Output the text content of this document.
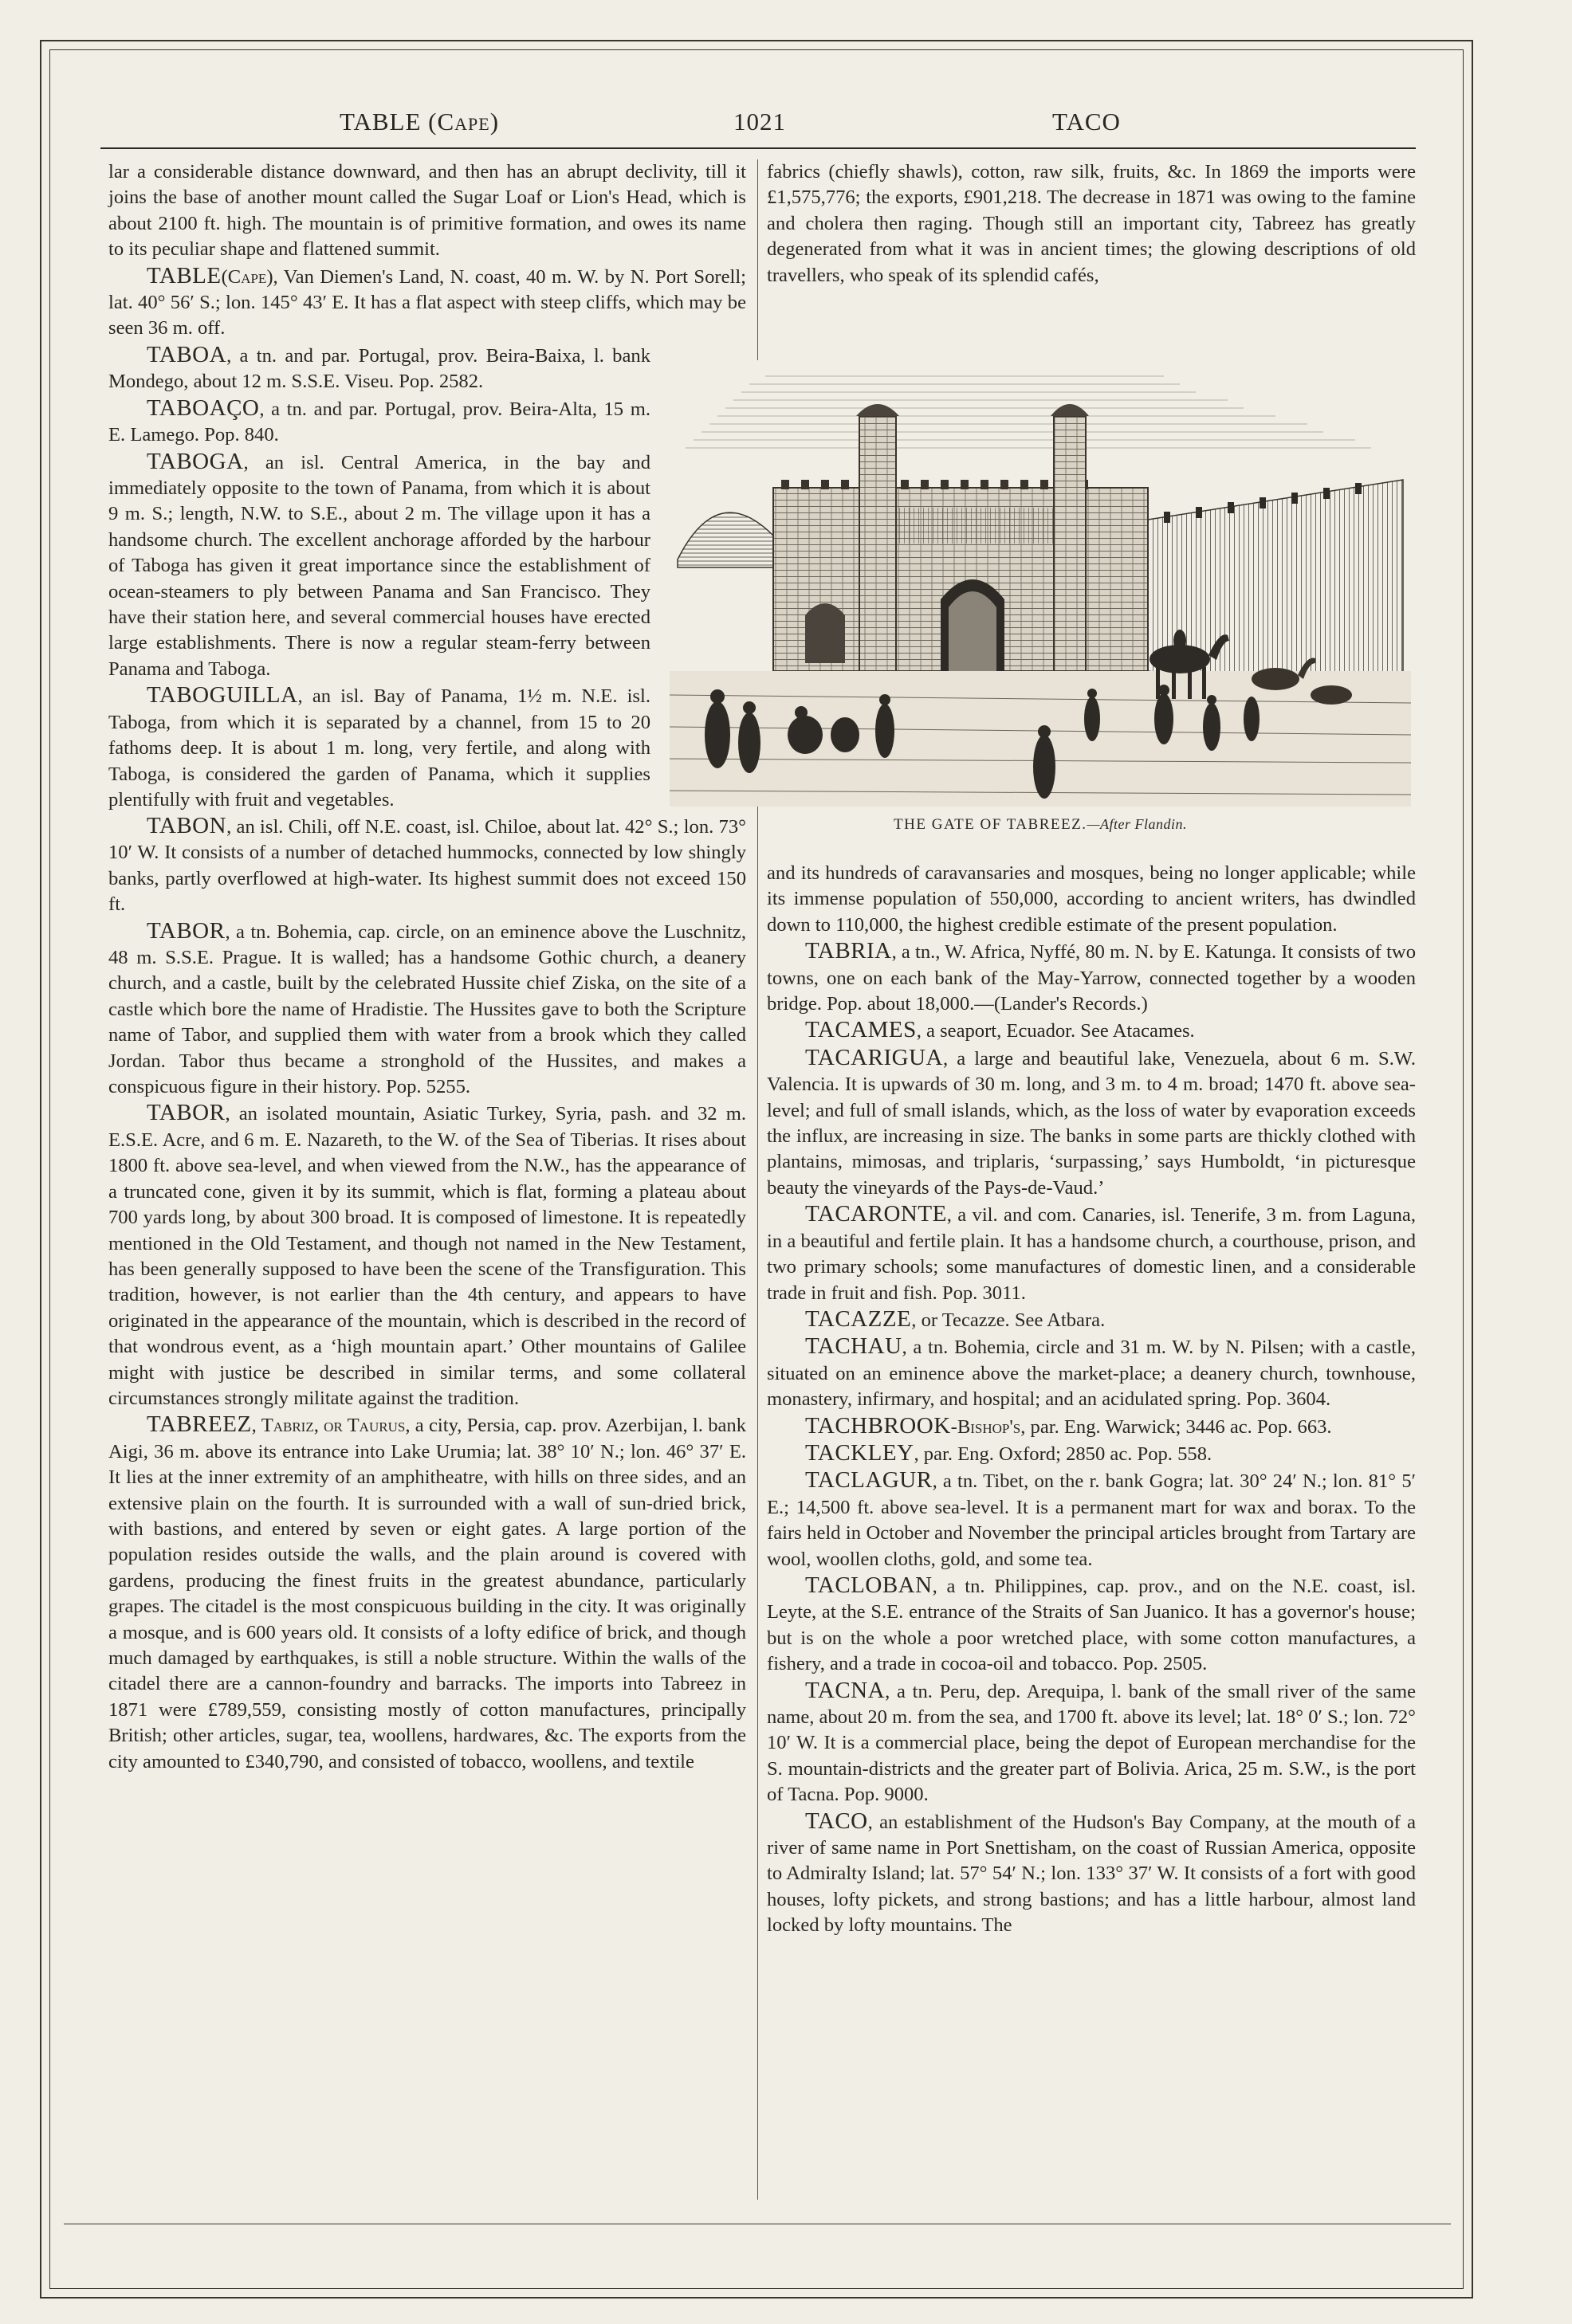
TABLE (Cape)	1021	TACO

lar a considerable distance downward, and then has an abrupt declivity, till it joins the base of another mount called the Sugar Loaf or Lion's Head, which is about 2100 ft. high. The mountain is of primitive formation, and owes its name to its peculiar shape and flattened summit.

TABLE(Cape), Van Diemen's Land, N. coast, 40 m. W. by N. Port Sorell; lat. 40° 56′ S.; lon. 145° 43′ E. It has a flat aspect with steep cliffs, which may be seen 36 m. off.

TABOA, a tn. and par. Portugal, prov. Beira-Baixa, l. bank Mondego, about 12 m. S.S.E. Viseu. Pop. 2582.

TABOAÇO, a tn. and par. Portugal, prov. Beira-Alta, 15 m. E. Lamego. Pop. 840.

TABOGA, an isl. Central America, in the bay and immediately opposite to the town of Panama, from which it is about 9 m. S.; length, N.W. to S.E., about 2 m. The village upon it has a handsome church. The excellent anchorage afforded by the harbour of Taboga has given it great importance since the establishment of ocean-steamers to ply between Panama and San Francisco. They have their station here, and several commercial houses have erected large establishments. There is now a regular steam-ferry between Panama and Taboga.

TABOGUILLA, an isl. Bay of Panama, 1½ m. N.E. isl. Taboga, from which it is separated by a channel, from 15 to 20 fathoms deep. It is about 1 m. long, very fertile, and along with Taboga, is considered the garden of Panama, which it supplies plentifully with fruit and vegetables.

TABON, an isl. Chili, off N.E. coast, isl. Chiloe, about lat. 42° S.; lon. 73° 10′ W. It consists of a number of detached hummocks, connected by low shingly banks, partly overflowed at high-water. Its highest summit does not exceed 150 ft.

TABOR, a tn. Bohemia, cap. circle, on an eminence above the Luschnitz, 48 m. S.S.E. Prague. It is walled; has a handsome Gothic church, a deanery church, and a castle, built by the celebrated Hussite chief Ziska, on the site of a castle which bore the name of Hradistie. The Hussites gave to both the Scripture name of Tabor, and supplied them with water from a brook which they called Jordan. Tabor thus became a stronghold of the Hussites, and makes a conspicuous figure in their history. Pop. 5255.

TABOR, an isolated mountain, Asiatic Turkey, Syria, pash. and 32 m. E.S.E. Acre, and 6 m. E. Nazareth, to the W. of the Sea of Tiberias. It rises about 1800 ft. above sea-level, and when viewed from the N.W., has the appearance of a truncated cone, given it by its summit, which is flat, forming a plateau about 700 yards long, by about 300 broad. It is composed of limestone. It is repeatedly mentioned in the Old Testament, and though not named in the New Testament, has been generally supposed to have been the scene of the Transfiguration. This tradition, however, is not earlier than the 4th century, and appears to have originated in the appearance of the mountain, which is described in the record of that wondrous event, as a ‘high mountain apart.’ Other mountains of Galilee might with justice be described in similar terms, and some collateral circumstances strongly militate against the tradition.

TABREEZ, Tabriz, or Taurus, a city, Persia, cap. prov. Azerbijan, l. bank Aigi, 36 m. above its entrance into Lake Urumia; lat. 38° 10′ N.; lon. 46° 37′ E. It lies at the inner extremity of an amphitheatre, with hills on three sides, and an extensive plain on the fourth. It is surrounded with a wall of sun-dried brick, with bastions, and entered by seven or eight gates. A large portion of the population resides outside the walls, and the plain around is covered with gardens, producing the finest fruits in the greatest abundance, particularly grapes. The citadel is the most conspicuous building in the city. It was originally a mosque, and is 600 years old. It consists of a lofty edifice of brick, and though much damaged by earthquakes, is still a noble structure. Within the walls of the citadel there are a cannon-foundry and barracks. The imports into Tabreez in 1871 were £789,559, consisting mostly of cotton manufactures, principally British; other articles, sugar, tea, woollens, hardwares, &c. The exports from the city amounted to £340,790, and consisted of tobacco, woollens, and textile

fabrics (chiefly shawls), cotton, raw silk, fruits, &c. In 1869 the imports were £1,575,776; the exports, £901,218. The decrease in 1871 was owing to the famine and cholera then raging. Though still an important city, Tabreez has greatly degenerated from what it was in ancient times; the glowing descriptions of old travellers, who speak of its splendid cafés,

THE GATE OF TABREEZ.—After Flandin.

and its hundreds of caravansaries and mosques, being no longer applicable; while its immense population of 550,000, according to ancient writers, has dwindled down to 110,000, the highest credible estimate of the present population.

TABRIA, a tn., W. Africa, Nyffé, 80 m. N. by E. Katunga. It consists of two towns, one on each bank of the May-Yarrow, connected together by a wooden bridge. Pop. about 18,000.—(Lander's Records.)

TACAMES, a seaport, Ecuador. See Atacames.

TACARIGUA, a large and beautiful lake, Venezuela, about 6 m. S.W. Valencia. It is upwards of 30 m. long, and 3 m. to 4 m. broad; 1470 ft. above sea-level; and full of small islands, which, as the loss of water by evaporation exceeds the influx, are increasing in size. The banks in some parts are thickly clothed with plantains, mimosas, and triplaris, ‘surpassing,’ says Humboldt, ‘in picturesque beauty the vineyards of the Pays-de-Vaud.’

TACARONTE, a vil. and com. Canaries, isl. Tenerife, 3 m. from Laguna, in a beautiful and fertile plain. It has a handsome church, a courthouse, prison, and two primary schools; some manufactures of domestic linen, and a considerable trade in fruit and fish. Pop. 3011.

TACAZZE, or Tecazze. See Atbara.

TACHAU, a tn. Bohemia, circle and 31 m. W. by N. Pilsen; with a castle, situated on an eminence above the market-place; a deanery church, townhouse, monastery, infirmary, and hospital; and an acidulated spring. Pop. 3604.

TACHBROOK-Bishop's, par. Eng. Warwick; 3446 ac. Pop. 663.

TACKLEY, par. Eng. Oxford; 2850 ac. Pop. 558.

TACLAGUR, a tn. Tibet, on the r. bank Gogra; lat. 30° 24′ N.; lon. 81° 5′ E.; 14,500 ft. above sea-level. It is a permanent mart for wax and borax. To the fairs held in October and November the principal articles brought from Tartary are wool, woollen cloths, gold, and some tea.

TACLOBAN, a tn. Philippines, cap. prov., and on the N.E. coast, isl. Leyte, at the S.E. entrance of the Straits of San Juanico. It has a governor's house; but is on the whole a poor wretched place, with some cotton manufactures, a fishery, and a trade in cocoa-oil and tobacco. Pop. 2505.

TACNA, a tn. Peru, dep. Arequipa, l. bank of the small river of the same name, about 20 m. from the sea, and 1700 ft. above its level; lat. 18° 0′ S.; lon. 72° 10′ W. It is a commercial place, being the depot of European merchandise for the S. mountain-districts and the greater part of Bolivia. Arica, 25 m. S.W., is the port of Tacna. Pop. 9000.

TACO, an establishment of the Hudson's Bay Company, at the mouth of a river of same name in Port Snettisham, on the coast of Russian America, opposite to Admiralty Island; lat. 57° 54′ N.; lon. 133° 37′ W. It consists of a fort with good houses, lofty pickets, and strong bastions; and has a little harbour, almost land locked by lofty mountains. The
